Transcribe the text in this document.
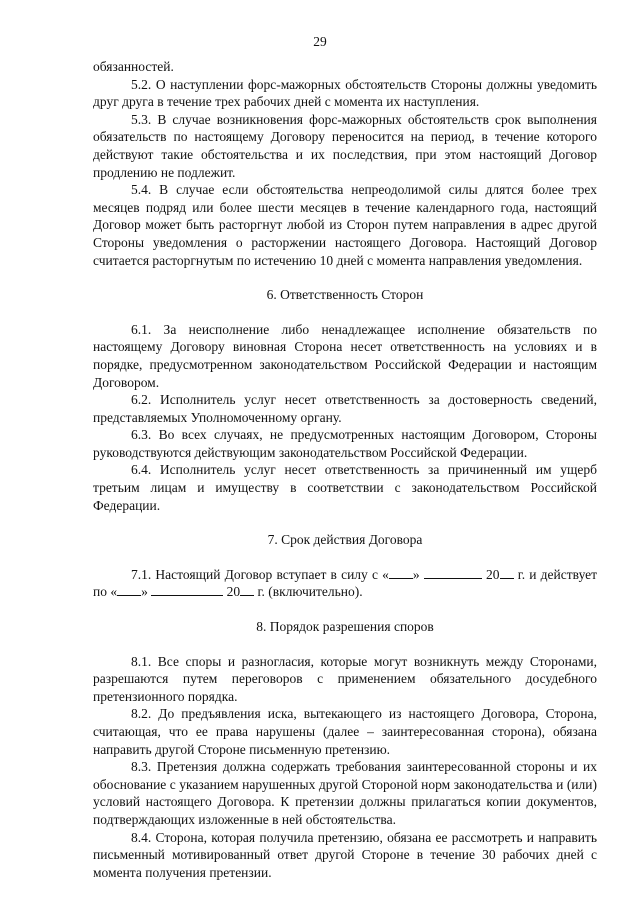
29

обязанностей.

5.2. О наступлении форс-мажорных обстоятельств Стороны должны уведомить друг друга в течение трех рабочих дней с момента их наступления.

5.3. В случае возникновения форс-мажорных обстоятельств срок выполнения обязательств по настоящему Договору переносится на период, в течение которого действуют такие обстоятельства и их последствия, при этом настоящий Договор продлению не подлежит.

5.4. В случае если обстоятельства непреодолимой силы длятся более трех месяцев подряд или более шести месяцев в течение календарного года, настоящий Договор может быть расторгнут любой из Сторон путем направления в адрес другой Стороны уведомления о расторжении настоящего Договора. Настоящий Договор считается расторгнутым по истечению 10 дней с момента направления уведомления.

6. Ответственность Сторон

6.1. За неисполнение либо ненадлежащее исполнение обязательств по настоящему Договору виновная Сторона несет ответственность на условиях и в порядке, предусмотренном законодательством Российской Федерации и настоящим Договором.

6.2. Исполнитель услуг несет ответственность за достоверность сведений, представляемых Уполномоченному органу.

6.3. Во всех случаях, не предусмотренных настоящим Договором, Стороны руководствуются действующим законодательством Российской Федерации.

6.4. Исполнитель услуг несет ответственность за причиненный им ущерб третьим лицам и имуществу в соответствии с законодательством Российской Федерации.

7. Срок действия Договора

7.1. Настоящий Договор вступает в силу с « »	20 г. и действует по « »	20 г. (включительно).

8. Порядок разрешения споров

8.1. Все споры и разногласия, которые могут возникнуть между Сторонами, разрешаются путем переговоров с применением обязательного досудебного претензионного порядка.

8.2. До предъявления иска, вытекающего из настоящего Договора, Сторона, считающая, что ее права нарушены (далее – заинтересованная сторона), обязана направить другой Стороне письменную претензию.

8.3. Претензия должна содержать требования заинтересованной стороны и их обоснование с указанием нарушенных другой Стороной норм законодательства и (или) условий настоящего Договора. К претензии должны прилагаться копии документов, подтверждающих изложенные в ней обстоятельства.

8.4. Сторона, которая получила претензию, обязана ее рассмотреть и направить письменный мотивированный ответ другой Стороне в течение 30 рабочих дней с момента получения претензии.
